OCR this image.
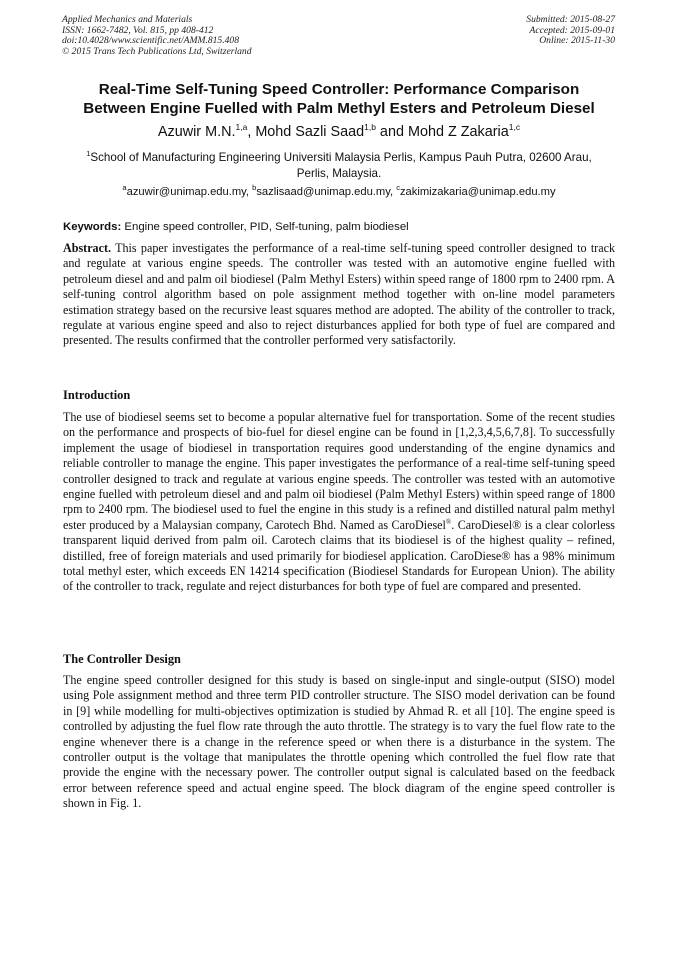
Applied Mechanics and Materials
ISSN: 1662-7482, Vol. 815, pp 408-412
doi:10.4028/www.scientific.net/AMM.815.408
© 2015 Trans Tech Publications Ltd, Switzerland
Submitted: 2015-08-27
Accepted: 2015-09-01
Online: 2015-11-30
Real-Time Self-Tuning Speed Controller: Performance Comparison
Between Engine Fuelled with Palm Methyl Esters and Petroleum Diesel
Azuwir M.N.$^{1,a}$, Mohd Sazli Saad$^{1,b}$ and Mohd Z Zakaria$^{1,c}$
$^1$School of Manufacturing Engineering Universiti Malaysia Perlis, Kampus Pauh Putra, 02600 Arau,
Perlis, Malaysia.
$^a$azuwir@unimap.edu.my, $^b$sazlisaad@unimap.edu.my, $^c$zakimizakaria@unimap.edu.my
Keywords: Engine speed controller, PID, Self-tuning, palm biodiesel
Abstract. This paper investigates the performance of a real-time self-tuning speed controller designed to track and regulate at various engine speeds. The controller was tested with an automotive engine fuelled with petroleum diesel and and palm oil biodiesel (Palm Methyl Esters) within speed range of 1800 rpm to 2400 rpm. A self-tuning control algorithm based on pole assignment method together with on-line model parameters estimation strategy based on the recursive least squares method are adopted. The ability of the controller to track, regulate at various engine speed and also to reject disturbances applied for both type of fuel are compared and presented. The results confirmed that the controller performed very satisfactorily.
Introduction
The use of biodiesel seems set to become a popular alternative fuel for transportation. Some of the recent studies on the performance and prospects of bio-fuel for diesel engine can be found in [1,2,3,4,5,6,7,8]. To successfully implement the usage of biodiesel in transportation requires good understanding of the engine dynamics and reliable controller to manage the engine. This paper investigates the performance of a real-time self-tuning speed controller designed to track and regulate at various engine speeds. The controller was tested with an automotive engine fuelled with petroleum diesel and and palm oil biodiesel (Palm Methyl Esters) within speed range of 1800 rpm to 2400 rpm. The biodiesel used to fuel the engine in this study is a refined and distilled natural palm methyl ester produced by a Malaysian company, Carotech Bhd. Named as CaroDiesel®. CaroDiesel® is a clear colorless transparent liquid derived from palm oil. Carotech claims that its biodiesel is of the highest quality – refined, distilled, free of foreign materials and used primarily for biodiesel application. CaroDiese® has a 98% minimum total methyl ester, which exceeds EN 14214 specification (Biodiesel Standards for European Union). The ability of the controller to track, regulate and reject disturbances for both type of fuel are compared and presented.
The Controller Design
The engine speed controller designed for this study is based on single-input and single-output (SISO) model using Pole assignment method and three term PID controller structure. The SISO model derivation can be found in [9] while modelling for multi-objectives optimization is studied by Ahmad R. et all [10]. The engine speed is controlled by adjusting the fuel flow rate through the auto throttle. The strategy is to vary the fuel flow rate to the engine whenever there is a change in the reference speed or when there is a disturbance in the system. The controller output is the voltage that manipulates the throttle opening which controlled the fuel flow rate that provide the engine with the necessary power. The controller output signal is calculated based on the feedback error between reference speed and actual engine speed. The block diagram of the engine speed controller is shown in Fig. 1.
